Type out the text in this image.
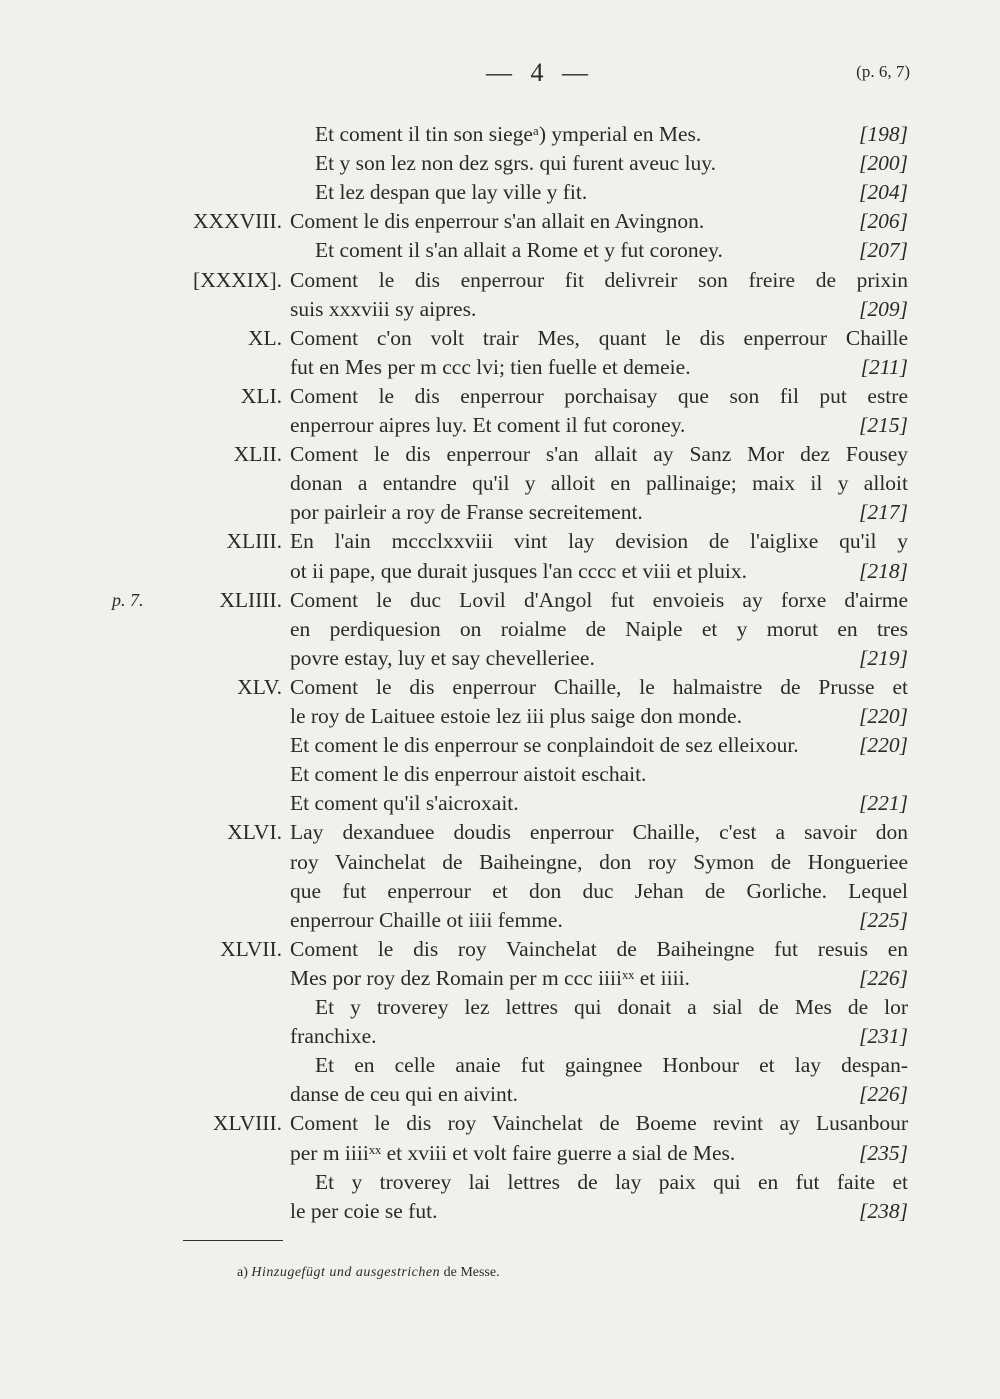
— 4 —	(p. 6, 7)
Et coment il tin son siegeᵃ) ymperial en Mes.	[198]
Et y son lez non dez sgrs. qui furent aveuc luy.	[200]
Et lez despan que lay ville y fit.	[204]
XXXVIII. Coment le dis enperrour s'an allait en Avingnon.	[206]
Et coment il s'an allait a Rome et y fut coroney.	[207]
[XXXIX]. Coment le dis enperrour fit delivreir son freire de prixin
suis xxxviii sy aipres.	[209]
XL. Coment c'on volt trair Mes, quant le dis enperrour Chaille
fut en Mes per m ccc lvi; tien fuelle et demeie.	[211]
XLI. Coment le dis enperrour porchaisay que son fil put estre
enperrour aipres luy. Et coment il fut coroney.	[215]
XLII. Coment le dis enperrour s'an allait ay Sanz Mor dez Fousey
donan a entandre qu'il y alloit en pallinaige; maix il y alloit
por pairleir a roy de Franse secreitement.	[217]
XLIII. En l'ain mccclxxviii vint lay devision de l'aiglixe qu'il y
ot ii pape, que durait jusques l'an cccc et viii et pluix.	[218]
p. 7.	XLIIII. Coment le duc Lovil d'Angol fut envoieis ay forxe d'airme
en perdiquesion on roialme de Naiple et y morut en tres
povre estay, luy et say chevelleriee.	[219]
XLV. Coment le dis enperrour Chaille, le halmaistre de Prusse et
le roy de Laituee estoie lez iii plus saige don monde.	[220]
Et coment le dis enperrour se conplaindoit de sez elleixour.	[220]
Et coment le dis enperrour aistoit eschait.
Et coment qu'il s'aicroxait.	[221]
XLVI. Lay dexanduee doudis enperrour Chaille, c'est a savoir don
roy Vainchelat de Baiheingne, don roy Symon de Hongueriee
que fut enperrour et don duc Jehan de Gorliche. Lequel
enperrour Chaille ot iiii femme.	[225]
XLVII. Coment le dis roy Vainchelat de Baiheingne fut resuis en
Mes por roy dez Romain per m ccc iiiiˣˣ et iiii.	[226]
Et y troverey lez lettres qui donait a sial de Mes de lor
franchixe.	[231]
Et en celle anaie fut gaingnee Honbour et lay despan-
danse de ceu qui en aivint.	[226]
XLVIII. Coment le dis roy Vainchelat de Boeme revint ay Lusanbour
per m iiiiˣˣ et xviii et volt faire guerre a sial de Mes.	[235]
Et y troverey lai lettres de lay paix qui en fut faite et
le per coie se fut.	[238]
a) Hinzugefügt und ausgestrichen de Messe.
